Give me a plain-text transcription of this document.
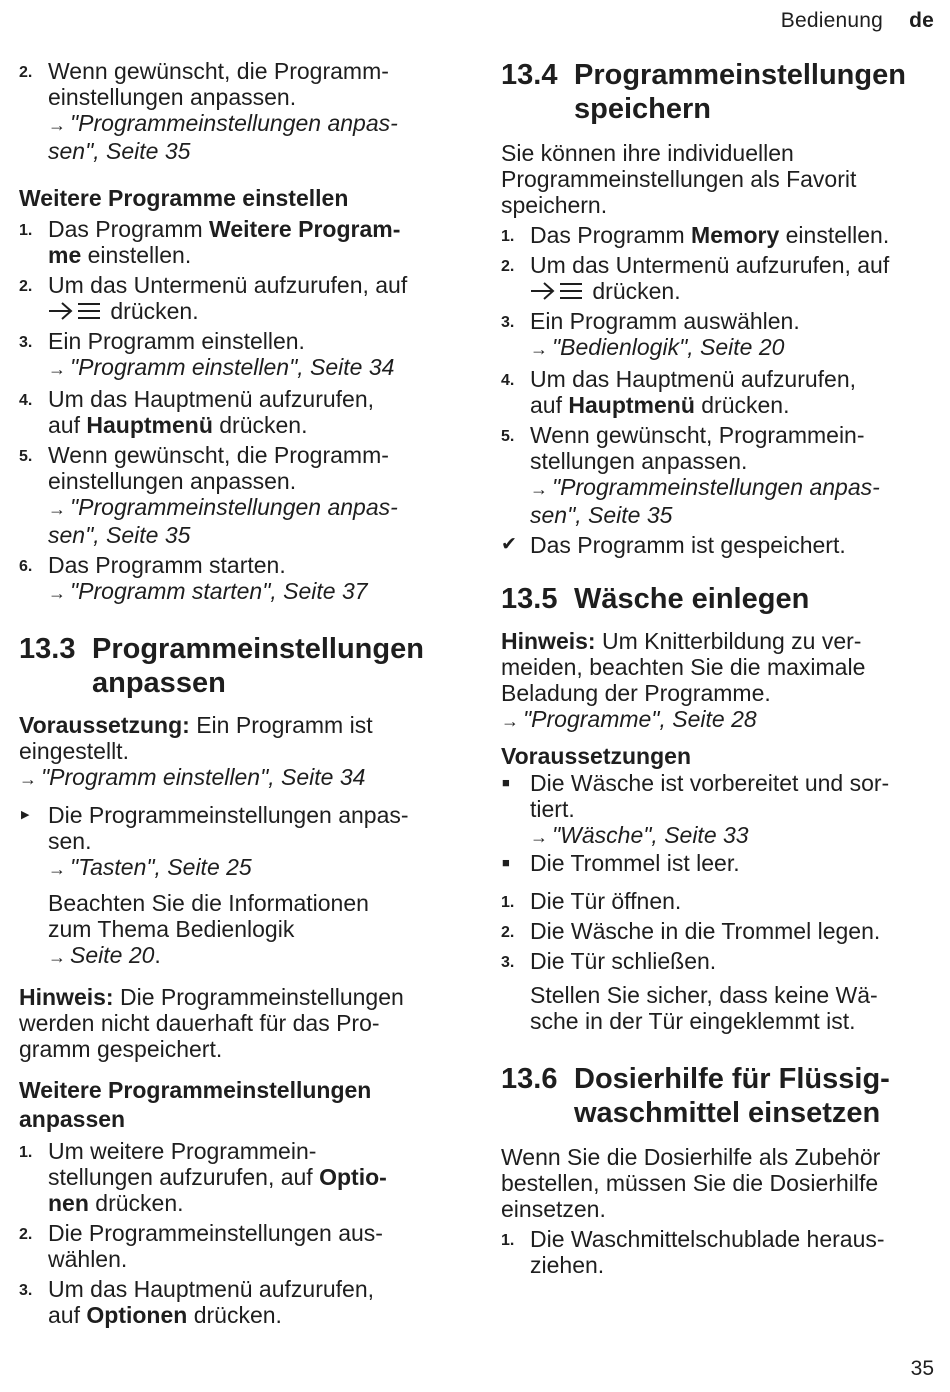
Bedienung de
2. Wenn gewünscht, die Programm-
einstellungen anpassen.
→ "Programmeinstellungen anpas-
sen", Seite 35
Weitere Programme einstellen
1. Das Programm Weitere Program-
me einstellen.
2. Um das Untermenü aufzurufen, auf
drücken.
3. Ein Programm einstellen.
→ "Programm einstellen", Seite 34
4. Um das Hauptmenü aufzurufen,
auf Hauptmenü drücken.
5. Wenn gewünscht, die Programm-
einstellungen anpassen.
→ "Programmeinstellungen anpas-
sen", Seite 35
6. Das Programm starten.
→ "Programm starten", Seite 37
13.3 Programmeinstellungen
anpassen

Voraussetzung: Ein Programm ist

eingestellt.

→ "Programm einstellen", Seite 34

▶ Die Programmeinstellungen anpas-
sen.
→ "Tasten", Seite 25
Beachten Sie die Informationen
zum Thema Bedienlogik
→ Seite 20.

Hinweis: Die Programmeinstellungen

werden nicht dauerhaft für das Pro-

gramm gespeichert.

Weitere Programmeinstellungen
anpassen
1. Um weitere Programmein-
stellungen aufzurufen, auf Optio-
nen drücken.
2. Die Programmeinstellungen aus-
wählen.
3. Um das Hauptmenü aufzurufen,
auf Optionen drücken.
13.4 Programmeinstellungen
speichern

Sie können ihre individuellen

Programmeinstellungen als Favorit

speichern.

1. Das Programm Memory einstellen.
2. Um das Untermenü aufzurufen, auf
drücken.
3. Ein Programm auswählen.
→ "Bedienlogik", Seite 20
4. Um das Hauptmenü aufzurufen,
auf Hauptmenü drücken.
5. Wenn gewünscht, Programmein-
stellungen anpassen.
→ "Programmeinstellungen anpas-
sen", Seite 35
✔ Das Programm ist gespeichert.
13.5 Wäsche einlegen

Hinweis: Um Knitterbildung zu ver-

meiden, beachten Sie die maximale

Beladung der Programme.

→ "Programme", Seite 28

Voraussetzungen
■ Die Wäsche ist vorbereitet und sor-
tiert.
→ "Wäsche", Seite 33
■ Die Trommel ist leer.
1. Die Tür öffnen.
2. Die Wäsche in die Trommel legen.
3. Die Tür schließen.
Stellen Sie sicher, dass keine Wä-
sche in der Tür eingeklemmt ist.
13.6 Dosierhilfe für Flüssig-
waschmittel einsetzen

Wenn Sie die Dosierhilfe als Zubehör

bestellen, müssen Sie die Dosierhilfe

einsetzen.

1. Die Waschmittelschublade heraus-
ziehen.
35
